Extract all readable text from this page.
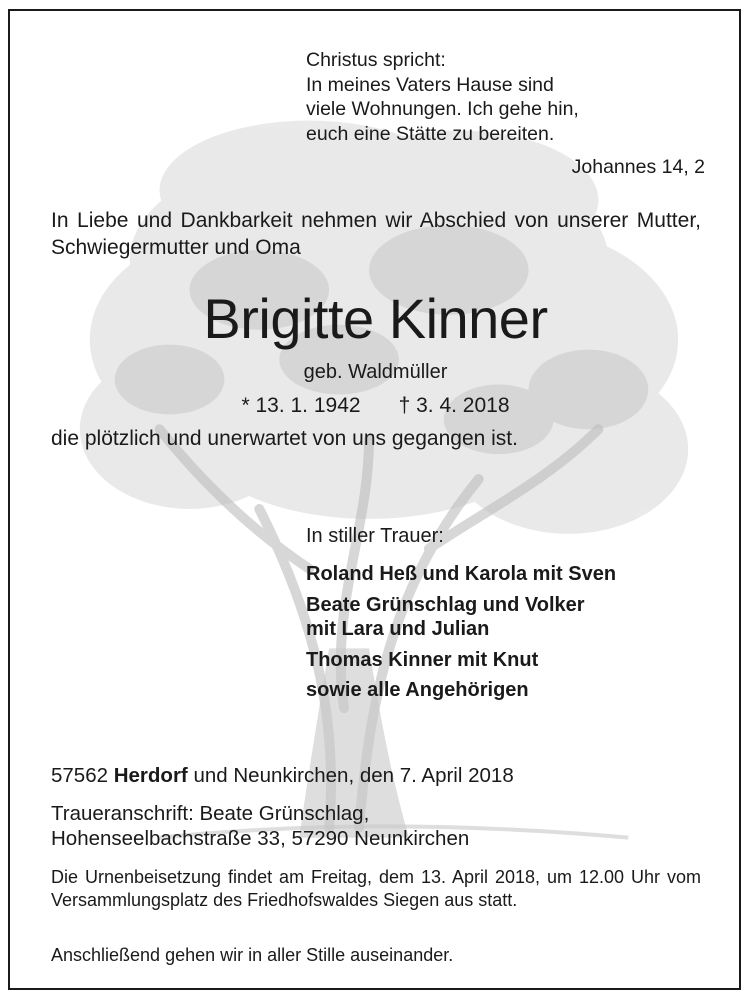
Christus spricht:
In meines Vaters Hause sind
viele Wohnungen. Ich gehe hin,
euch eine Stätte zu bereiten.
Johannes 14, 2

In Liebe und Dankbarkeit nehmen wir Abschied von unserer Mutter, Schwiegermutter und Oma

Brigitte Kinner
geb. Waldmüller
* 13. 1. 1942 † 3. 4. 2018
die plötzlich und unerwartet von uns gegangen ist.
In stiller Trauer:
Roland Heß und Karola mit Sven
Beate Grünschlag und Volker
mit Lara und Julian
Thomas Kinner mit Knut
sowie alle Angehörigen
57562 Herdorf und Neunkirchen, den 7. April 2018
Traueranschrift: Beate Grünschlag,
Hohenseelbachstraße 33, 57290 Neunkirchen

Die Urnenbeisetzung findet am Freitag, dem 13. April 2018, um 12.00 Uhr vom Versammlungsplatz des Friedhofswaldes Siegen aus statt.

Anschließend gehen wir in aller Stille auseinander.
